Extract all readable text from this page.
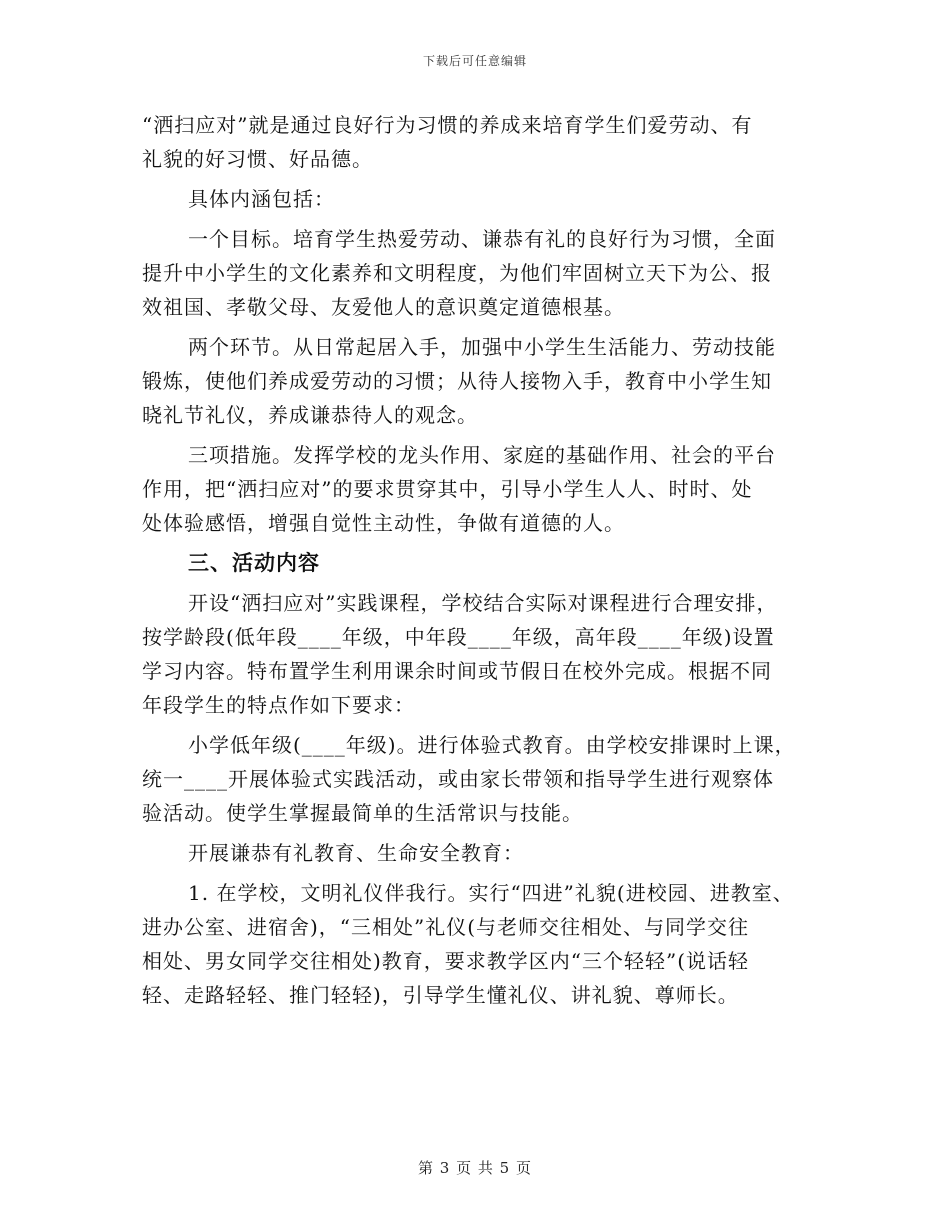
下载后可任意编辑
“洒扫应对”就是通过良好行为习惯的养成来培育学生们爱劳动、有
礼貌的好习惯、好品德。
具体内涵包括：
一个目标。培育学生热爱劳动、谦恭有礼的良好行为习惯，全面
提升中小学生的文化素养和文明程度，为他们牢固树立天下为公、报
效祖国、孝敬父母、友爱他人的意识奠定道德根基。
两个环节。从日常起居入手，加强中小学生生活能力、劳动技能
锻炼，使他们养成爱劳动的习惯；从待人接物入手，教育中小学生知
晓礼节礼仪，养成谦恭待人的观念。
三项措施。发挥学校的龙头作用、家庭的基础作用、社会的平台
作用，把“洒扫应对”的要求贯穿其中，引导小学生人人、时时、处
处体验感悟，增强自觉性主动性，争做有道德的人。
三、活动内容
开设“洒扫应对”实践课程，学校结合实际对课程进行合理安排，
按学龄段(低年段____年级，中年段____年级，高年段____年级)设置
学习内容。特布置学生利用课余时间或节假日在校外完成。根据不同
年段学生的特点作如下要求：
小学低年级(____年级)。进行体验式教育。由学校安排课时上课，
统一____开展体验式实践活动，或由家长带领和指导学生进行观察体
验活动。使学生掌握最简单的生活常识与技能。
开展谦恭有礼教育、生命安全教育：
1. 在学校，文明礼仪伴我行。实行“四进”礼貌(进校园、进教室、
进办公室、进宿舍)，“三相处”礼仪(与老师交往相处、与同学交往
相处、男女同学交往相处)教育，要求教学区内“三个轻轻”(说话轻
轻、走路轻轻、推门轻轻)，引导学生懂礼仪、讲礼貌、尊师长。
第 3 页 共 5 页
